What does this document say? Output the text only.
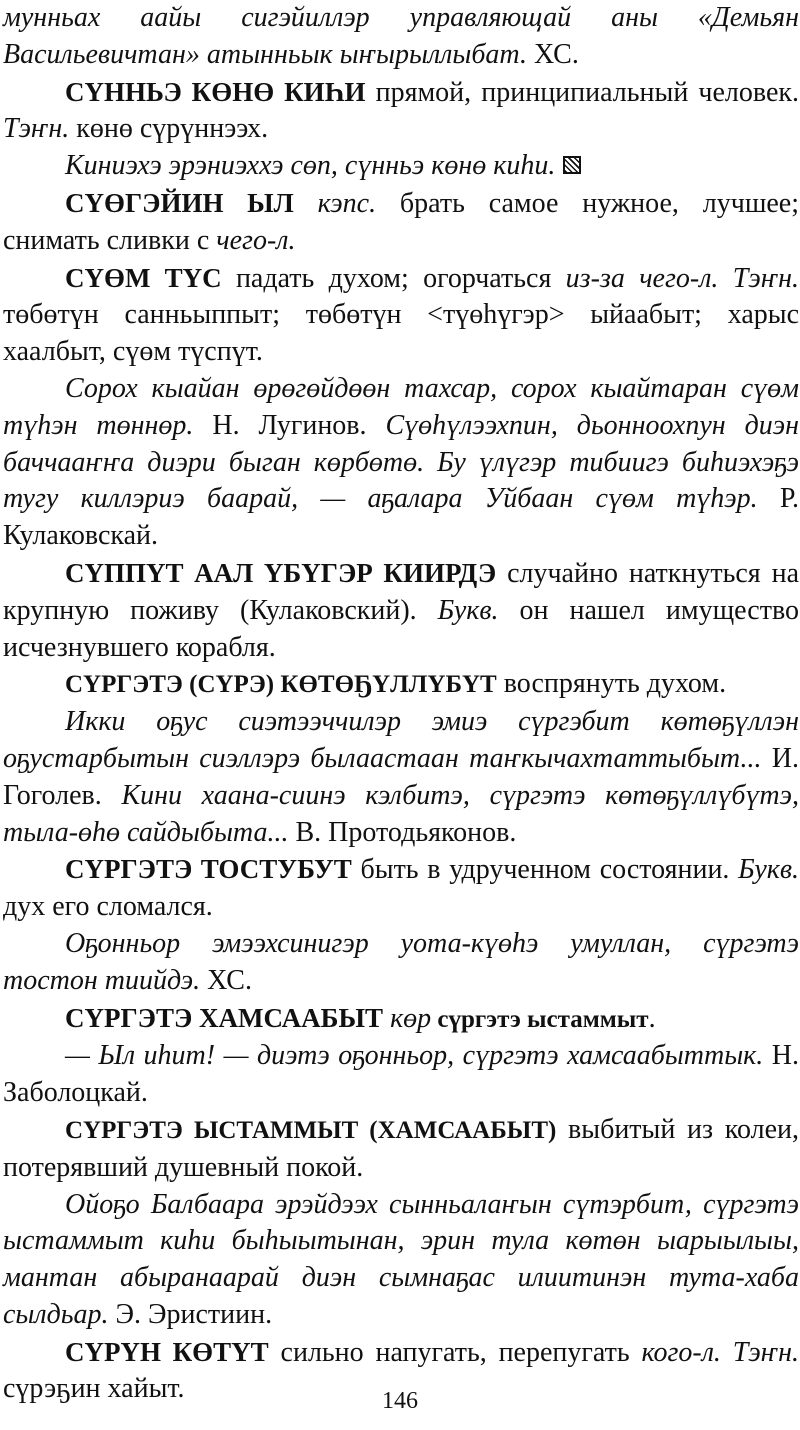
мунньах аайы сигэйиллэр управляющай аны «Демьян Васильевичтан» атынньык ыҥырыллыбат. ХС.

СҮННЬЭ КӨНӨ КИҺИ прямой, принципиальный человек. Тэҥн. көнө сүрүннээх.

Киниэхэ эрэниэххэ сөп, сүнньэ көнө киһи.

СҮӨГЭЙИН ЫЛ кэпс. брать самое нужное, лучшее; снимать сливки с чего-л.

СҮӨМ ТҮС падать духом; огорчаться из-за чего-л. Тэҥн. төбөтүн санньыппыт; төбөтүн <түөһүгэр> ыйаабыт; харыс хаалбыт, сүөм түспүт.

Сорох кыайан өрөгөйдөөн тахсар, сорох кыайтаран сүөм түһэн төннөр. Н. Лугинов. Сүөһүлээхпин, дьонноохпун диэн баччааҥҥа диэри быган көрбөтө. Бу үлүгэр тибиигэ биһиэхэҕэ тугу киллэриэ баарай, — аҕалара Уйбаан сүөм түһэр. Р. Кулаковскай.

СҮППҮТ ААЛ ҮБҮГЭР КИИРДЭ случайно наткнуться на крупную поживу (Кулаковский). Букв. он нашел имущество исчезнувшего корабля.

СҮРГЭТЭ (СҮРЭ) КӨТӨҔҮЛЛҮБҮТ воспрянуть духом.

Икки оҕус сиэтээччилэр эмиэ сүргэбит көтөҕүллэн оҕустарбытын сиэллэрэ былаастаан таҥкычахтаттыбыт... И. Гоголев. Кини хаана-сиинэ кэлбитэ, сүргэтэ көтөҕүллүбүтэ, тыла-өһө сайдыбыта... В. Протодьяконов.

СҮРГЭТЭ ТОСТУБУТ быть в удрученном состоянии. Букв. дух его сломался.

Оҕонньор эмээхсинигэр уота-күөһэ умуллан, сүргэтэ тостон тиийдэ. ХС.

СҮРГЭТЭ ХАМСААБЫТ көр сүргэтэ ыстаммыт.

— Ыл иһит! — диэтэ оҕонньор, сүргэтэ хамсаабыттык. Н. Заболоцкай.

СҮРГЭТЭ ЫСТАММЫТ (ХАМСААБЫТ) выбитый из колеи, потерявший душевный покой.

Ойоҕо Балбаара эрэйдээх сынньалаҥын сүтэрбит, сүргэтэ ыстаммыт киһи быһыытынан, эрин тула көтөн ыарыылыы, мантан абыранаарай диэн сымнаҕас илиитинэн тута-хаба сылдьар. Э. Эристиин.

СҮРҮН КӨТҮТ сильно напугать, перепугать кого-л. Тэҥн. сүрэҕин хайыт.	146
